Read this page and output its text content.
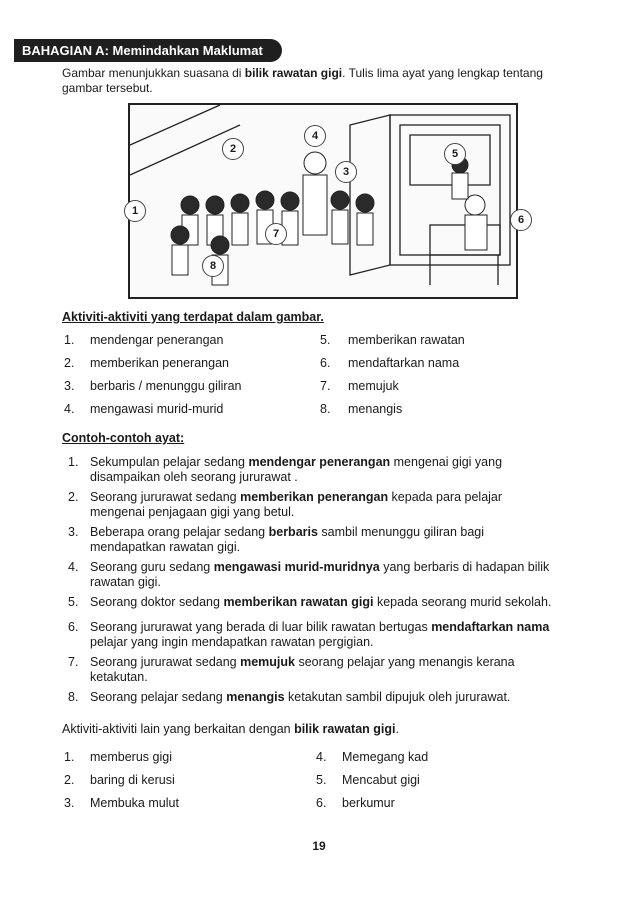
BAHAGIAN A: Memindahkan Maklumat
Gambar menunjukkan suasana di bilik rawatan gigi. Tulis lima ayat yang lengkap tentang gambar tersebut.
1
2
3
4
5
6
7
8
Aktiviti-aktiviti yang terdapat dalam gambar.
1. mendengar penerangan
2. memberikan penerangan
3. berbaris / menunggu giliran
4. mengawasi murid-murid
5. memberikan rawatan
6. mendaftarkan nama
7. memujuk
8. menangis
Contoh-contoh ayat:
1. Sekumpulan pelajar sedang mendengar penerangan mengenai gigi yang disampaikan oleh seorang jururawat .
2. Seorang jururawat sedang memberikan penerangan kepada para pelajar mengenai penjagaan gigi yang betul.
3. Beberapa orang pelajar sedang berbaris sambil menunggu giliran bagi mendapatkan rawatan gigi.
4. Seorang guru sedang mengawasi murid-muridnya yang berbaris di hadapan bilik rawatan gigi.
5. Seorang doktor sedang memberikan rawatan gigi kepada seorang murid sekolah.
6. Seorang jururawat yang berada di luar bilik rawatan bertugas mendaftarkan nama pelajar yang ingin mendapatkan rawatan pergigian.
7. Seorang jururawat sedang memujuk seorang pelajar yang menangis kerana ketakutan.
8. Seorang pelajar sedang menangis ketakutan sambil dipujuk oleh jururawat.
Aktiviti-aktiviti lain yang berkaitan dengan bilik rawatan gigi.
1. memberus gigi
2. baring di kerusi
3. Membuka mulut
4. Memegang kad
5. Mencabut gigi
6. berkumur
19
